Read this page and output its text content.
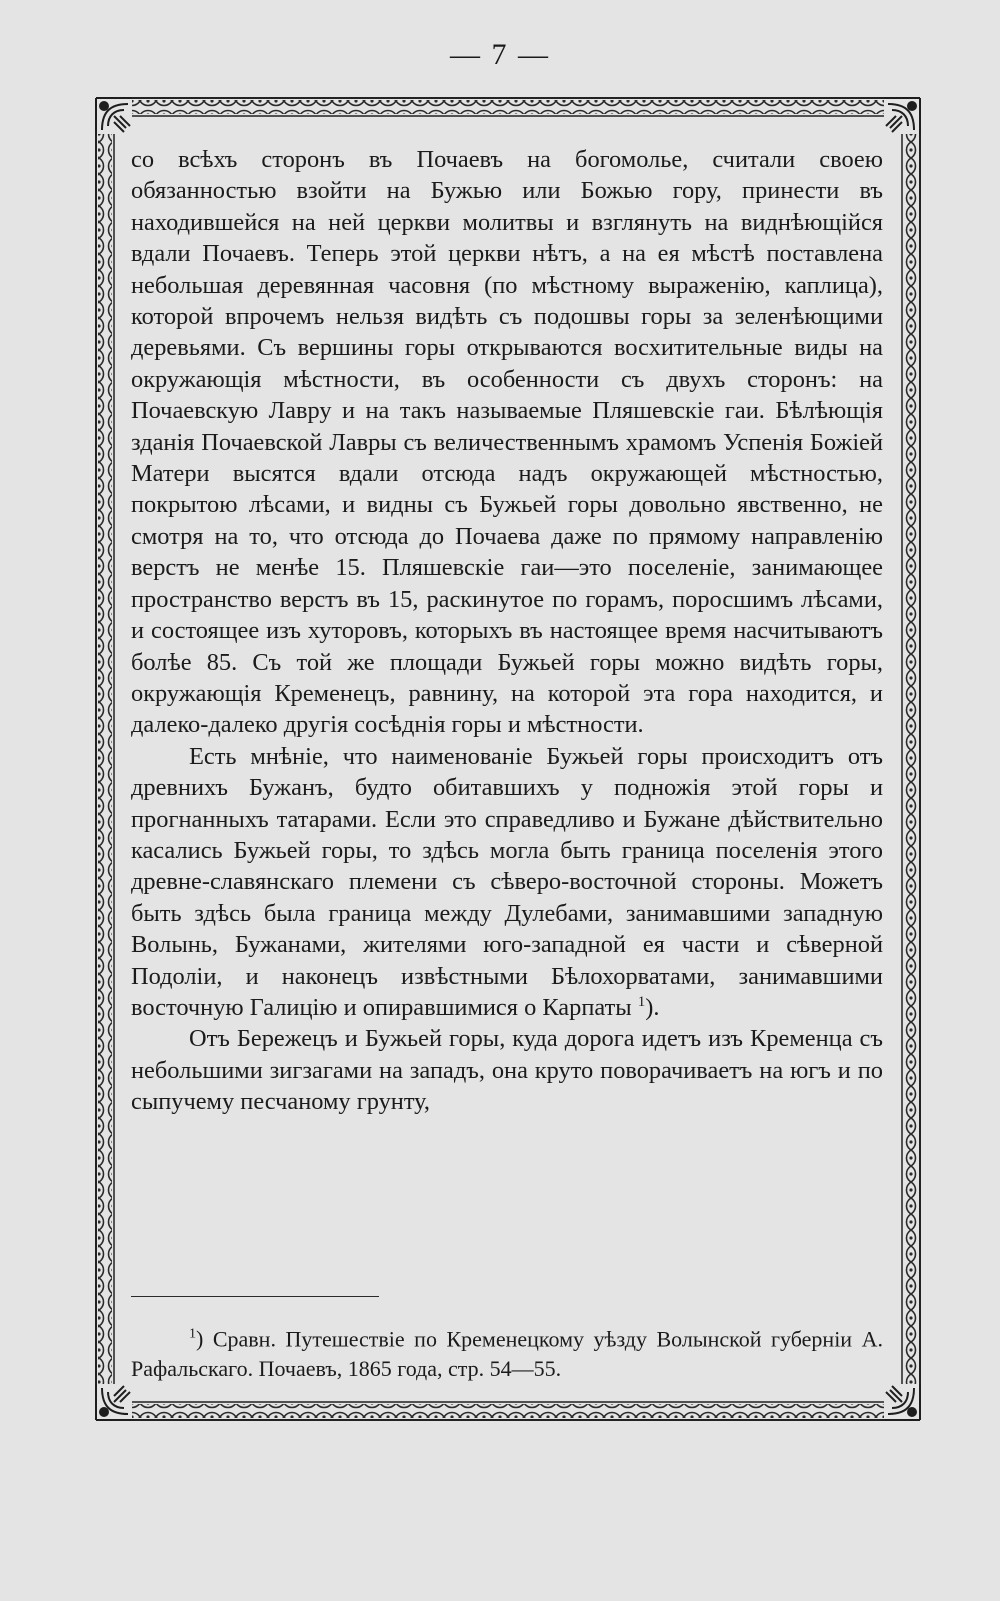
— 7 —

со всѣхъ сторонъ въ Почаевъ на богомолье, считали своею обязанностью взойти на Бужью или Божью гору, принести въ находившейся на ней церкви молитвы и взглянуть на виднѣющійся вдали Почаевъ. Теперь этой церкви нѣтъ, а на ея мѣстѣ поставлена небольшая деревянная часовня (по мѣстному выраженію, каплица), которой впрочемъ нельзя видѣть съ подошвы горы за зеленѣющими деревьями. Съ вершины горы открываются восхитительные виды на окружающія мѣстности, въ особенности съ двухъ сторонъ: на Почаевскую Лавру и на такъ называемые Пляшевскіе гаи. Бѣлѣющія зданія Почаевской Лавры съ величественнымъ храмомъ Успенія Божіей Матери высятся вдали отсюда надъ окружающей мѣстностью, покрытою лѣсами, и видны съ Бужьей горы довольно явственно, не смотря на то, что отсюда до Почаева даже по прямому направленію верстъ не менѣе 15. Пляшевскіе гаи—это поселеніе, занимающее пространство верстъ въ 15, раскинутое по горамъ, поросшимъ лѣсами, и состоящее изъ хуторовъ, которыхъ въ настоящее время насчитываютъ болѣе 85. Съ той же площади Бужьей горы можно видѣть горы, окружающія Кременецъ, равнину, на которой эта гора находится, и далеко-далеко другія сосѣднія горы и мѣстности.

Есть мнѣніе, что наименованіе Бужьей горы происходитъ отъ древнихъ Бужанъ, будто обитавшихъ у подножія этой горы и прогнанныхъ татарами. Если это справедливо и Бужане дѣйствительно касались Бужьей горы, то здѣсь могла быть граница поселенія этого древне-славянскаго племени съ сѣверо-восточной стороны. Можетъ быть здѣсь была граница между Дулебами, занимавшими западную Волынь, Бужанами, жителями юго-западной ея части и сѣверной Подоліи, и наконецъ извѣстными Бѣлохорватами, занимавшими восточную Галицію и опиравшимися о Карпаты $^1$).

Отъ Бережецъ и Бужьей горы, куда дорога идетъ изъ Кременца съ небольшими зигзагами на западъ, она круто поворачиваетъ на югъ и по сыпучему песчаному грунту,

$^1$) Сравн. Путешествіе по Кременецкому уѣзду Волынской губерніи А. Рафальскаго. Почаевъ, 1865 года, стр. 54—55.
